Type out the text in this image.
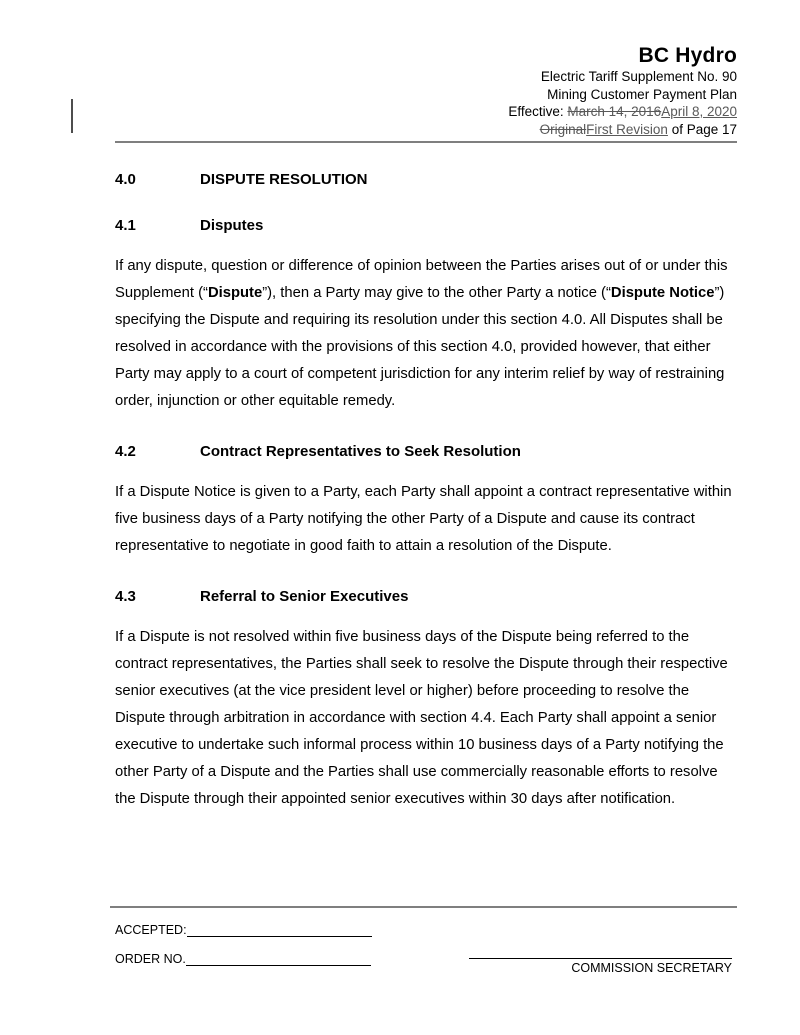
BC Hydro
Electric Tariff Supplement No. 90
Mining Customer Payment Plan
Effective: March 14, 2016April 8, 2020
OriginalFirst Revision of Page 17
4.0	DISPUTE RESOLUTION
4.1	Disputes

If any dispute, question or difference of opinion between the Parties arises out of or under this Supplement (“Dispute”), then a Party may give to the other Party a notice (“Dispute Notice”) specifying the Dispute and requiring its resolution under this section 4.0. All Disputes shall be resolved in accordance with the provisions of this section 4.0, provided however, that either Party may apply to a court of competent jurisdiction for any interim relief by way of restraining order, injunction or other equitable remedy.

4.2	Contract Representatives to Seek Resolution

If a Dispute Notice is given to a Party, each Party shall appoint a contract representative within five business days of a Party notifying the other Party of a Dispute and cause its contract representative to negotiate in good faith to attain a resolution of the Dispute.

4.3	Referral to Senior Executives

If a Dispute is not resolved within five business days of the Dispute being referred to the contract representatives, the Parties shall seek to resolve the Dispute through their respective senior executives (at the vice president level or higher) before proceeding to resolve the Dispute through arbitration in accordance with section 4.4. Each Party shall appoint a senior executive to undertake such informal process within 10 business days of a Party notifying the other Party of a Dispute and the Parties shall use commercially reasonable efforts to resolve the Dispute through their appointed senior executives within 30 days after notification.

ACCEPTED:
ORDER NO.
COMMISSION SECRETARY
